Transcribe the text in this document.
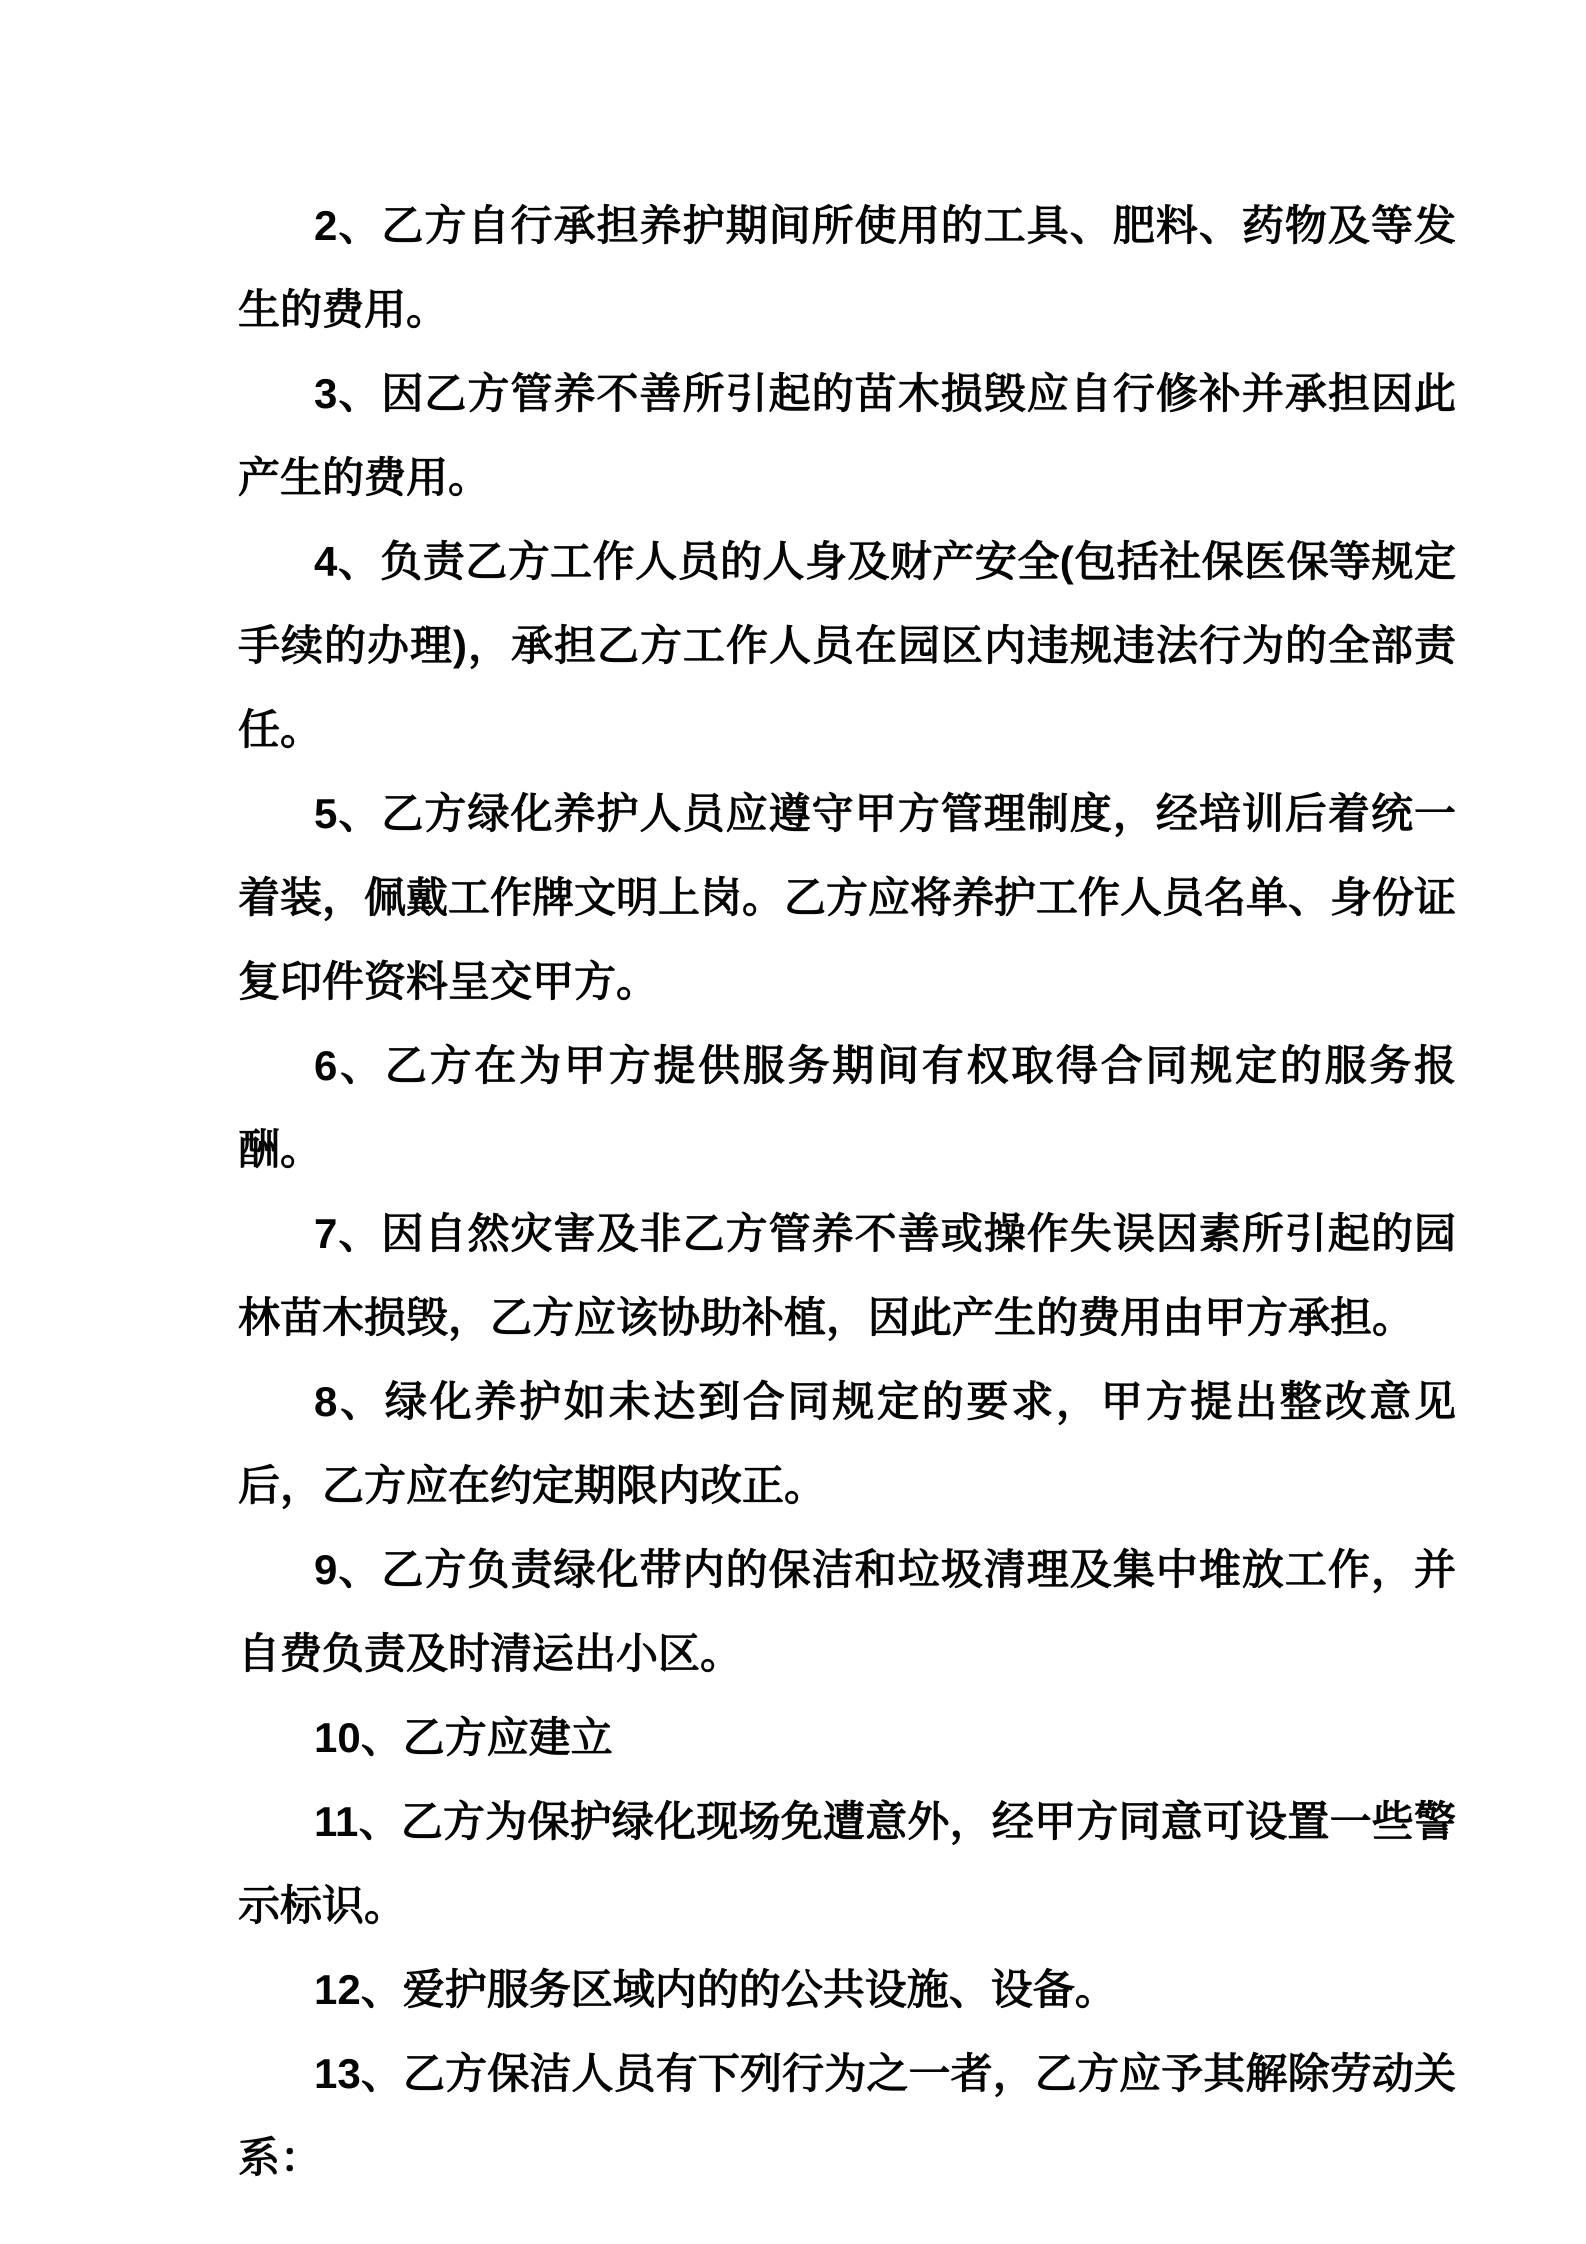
2、乙方自行承担养护期间所使用的工具、肥料、药物及等发生的费用。

3、因乙方管养不善所引起的苗木损毁应自行修补并承担因此产生的费用。

4、负责乙方工作人员的人身及财产安全(包括社保医保等规定手续的办理)，承担乙方工作人员在园区内违规违法行为的全部责任。

5、乙方绿化养护人员应遵守甲方管理制度，经培训后着统一着装，佩戴工作牌文明上岗。乙方应将养护工作人员名单、身份证复印件资料呈交甲方。

6、乙方在为甲方提供服务期间有权取得合同规定的服务报酬。

7、因自然灾害及非乙方管养不善或操作失误因素所引起的园林苗木损毁，乙方应该协助补植，因此产生的费用由甲方承担。

8、绿化养护如未达到合同规定的要求，甲方提出整改意见后，乙方应在约定期限内改正。

9、乙方负责绿化带内的保洁和垃圾清理及集中堆放工作，并自费负责及时清运出小区。

10、乙方应建立

11、乙方为保护绿化现场免遭意外，经甲方同意可设置一些警示标识。

12、爱护服务区域内的的公共设施、设备。

13、乙方保洁人员有下列行为之一者，乙方应予其解除劳动关系：
